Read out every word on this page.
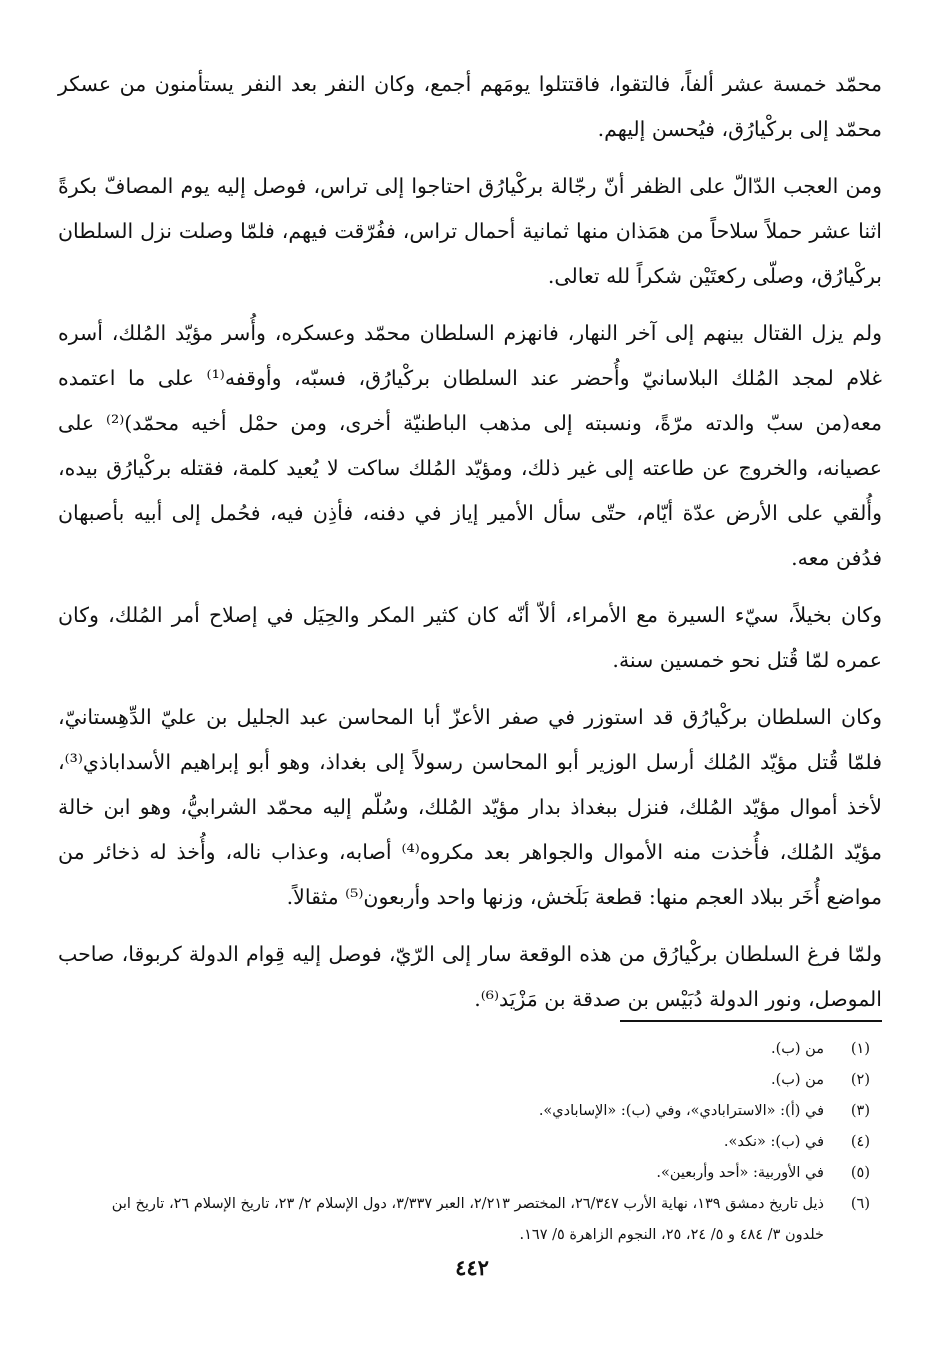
محمّد خمسة عشر ألفاً، فالتقوا، فاقتتلوا يومَهم أجمع، وكان النفر بعد النفر يستأمنون من عسكر محمّد إلى بركْيارُق، فيُحسن إليهم.

ومن العجب الدّالّ على الظفر أنّ رجّالة بركْيارُق احتاجوا إلى تراس، فوصل إليه يوم المصافّ بكرةً اثنا عشر حملاً سلاحاً من همَذان منها ثمانية أحمال تراس، ففُرّقت فيهم، فلمّا وصلت نزل السلطان بركْيارُق، وصلّى ركعتَيْن شكراً لله تعالى.

ولم يزل القتال بينهم إلى آخر النهار، فانهزم السلطان محمّد وعسكره، وأُسر مؤيّد المُلك، أسره غلام لمجد المُلك البلاسانيّ وأُحضر عند السلطان بركْيارُق، فسبّه، وأوقفه⁽¹⁾ على ما اعتمده معه(من سبّ والدته مرّةً، ونسبته إلى مذهب الباطنيّة أخرى، ومن حمْل أخيه محمّد)⁽²⁾ على عصيانه، والخروج عن طاعته إلى غير ذلك، ومؤيّد المُلك ساكت لا يُعيد كلمة، فقتله بركْيارُق بيده، وأُلقي على الأرض عدّة أيّام، حتّى سأل الأمير إياز في دفنه، فأذِن فيه، فحُمل إلى أبيه بأصبهان فدُفن معه.

وكان بخيلاً، سيّء السيرة مع الأمراء، ألاّ أنّه كان كثير المكر والحِيَل في إصلاح أمر المُلك، وكان عمره لمّا قُتل نحو خمسين سنة.

وكان السلطان بركْيارُق قد استوزر في صفر الأعزّ أبا المحاسن عبد الجليل بن عليّ الدِّهِستانيّ، فلمّا قُتل مؤيّد المُلك أرسل الوزير أبو المحاسن رسولاً إلى بغداذ، وهو أبو إبراهيم الأسداباذي⁽³⁾، لأخذ أموال مؤيّد المُلك، فنزل ببغداذ بدار مؤيّد المُلك، وسُلّم إليه محمّد الشرابيُّ، وهو ابن خالة مؤيّد المُلك، فأُخذت منه الأموال والجواهر بعد مكروه⁽⁴⁾ أصابه، وعذاب ناله، وأُخذ له ذخائر من مواضع أُخَر ببلاد العجم منها: قطعة بَلَخش، وزنها واحد وأربعون⁽⁵⁾ مثقالاً.

ولمّا فرغ السلطان بركْيارُق من هذه الوقعة سار إلى الرّيّ، فوصل إليه قِوام الدولة كربوقا، صاحب الموصل، ونور الدولة دُبَيْس بن صدقة بن مَزْيَد⁽⁶⁾.

(١)
من (ب).
(٢)
من (ب).
(٣)
في (أ): «الاسترابادي»، وفي (ب): «الإسابادي».
(٤)
في (ب): «نكد».
(٥)
في الأوربية: «أحد وأربعين».
(٦)
ذيل تاريخ دمشق ١٣٩، نهاية الأرب ٢٦/٣٤٧، المختصر ٢/٢١٣، العبر ٣/٣٣٧، دول الإسلام ٢/ ٢٣، تاريخ الإسلام ٢٦، تاريخ ابن خلدون ٣/ ٤٨٤ و ٥/ ٢٤، ٢٥، النجوم الزاهرة ٥/ ١٦٧.
٤٤٢
